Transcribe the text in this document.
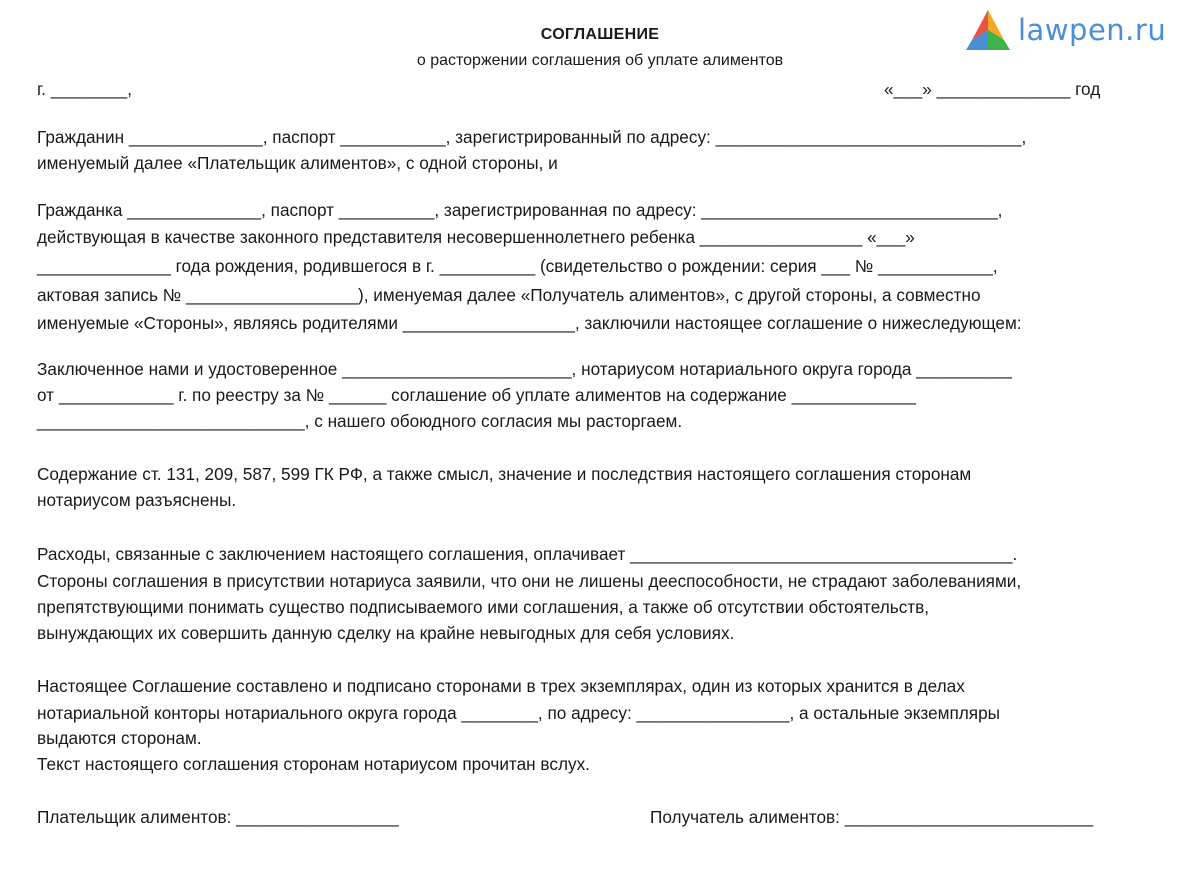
СОГЛАШЕНИЕ
о расторжении соглашения об уплате алиментов
lawpen.ru
г. ________,	«___» ______________ год
Гражданин ______________, паспорт ___________, зарегистрированный по адресу: ________________________________,
именуемый далее «Плательщик алиментов», с одной стороны, и
Гражданка ______________, паспорт __________, зарегистрированная по адресу: _______________________________,
действующая в качестве законного представителя несовершеннолетнего ребенка _________________ «___»
______________ года рождения, родившегося в г. __________ (свидетельство о рождении: серия ___ № ____________,
актовая запись № __________________), именуемая далее «Получатель алиментов», с другой стороны, а совместно
именуемые «Стороны», являясь родителями __________________, заключили настоящее соглашение о нижеследующем:
Заключенное нами и удостоверенное ________________________, нотариусом нотариального округа города __________
от ____________ г. по реестру за № ______ соглашение об уплате алиментов на содержание _____________
____________________________, с нашего обоюдного согласия мы расторгаем.
Содержание ст. 131, 209, 587, 599 ГК РФ, а также смысл, значение и последствия настоящего соглашения сторонам
нотариусом разъяснены.
Расходы, связанные с заключением настоящего соглашения, оплачивает ________________________________________.
Стороны соглашения в присутствии нотариуса заявили, что они не лишены дееспособности, не страдают заболеваниями,
препятствующими понимать существо подписываемого ими соглашения, а также об отсутствии обстоятельств,
вынуждающих их совершить данную сделку на крайне невыгодных для себя условиях.
Настоящее Соглашение составлено и подписано сторонами в трех экземплярах, один из которых хранится в делах
нотариальной конторы нотариального округа города ________, по адресу: ________________, а остальные экземпляры
выдаются сторонам.
Текст настоящего соглашения сторонам нотариусом прочитан вслух.
Плательщик алиментов: _________________	Получатель алиментов: __________________________
